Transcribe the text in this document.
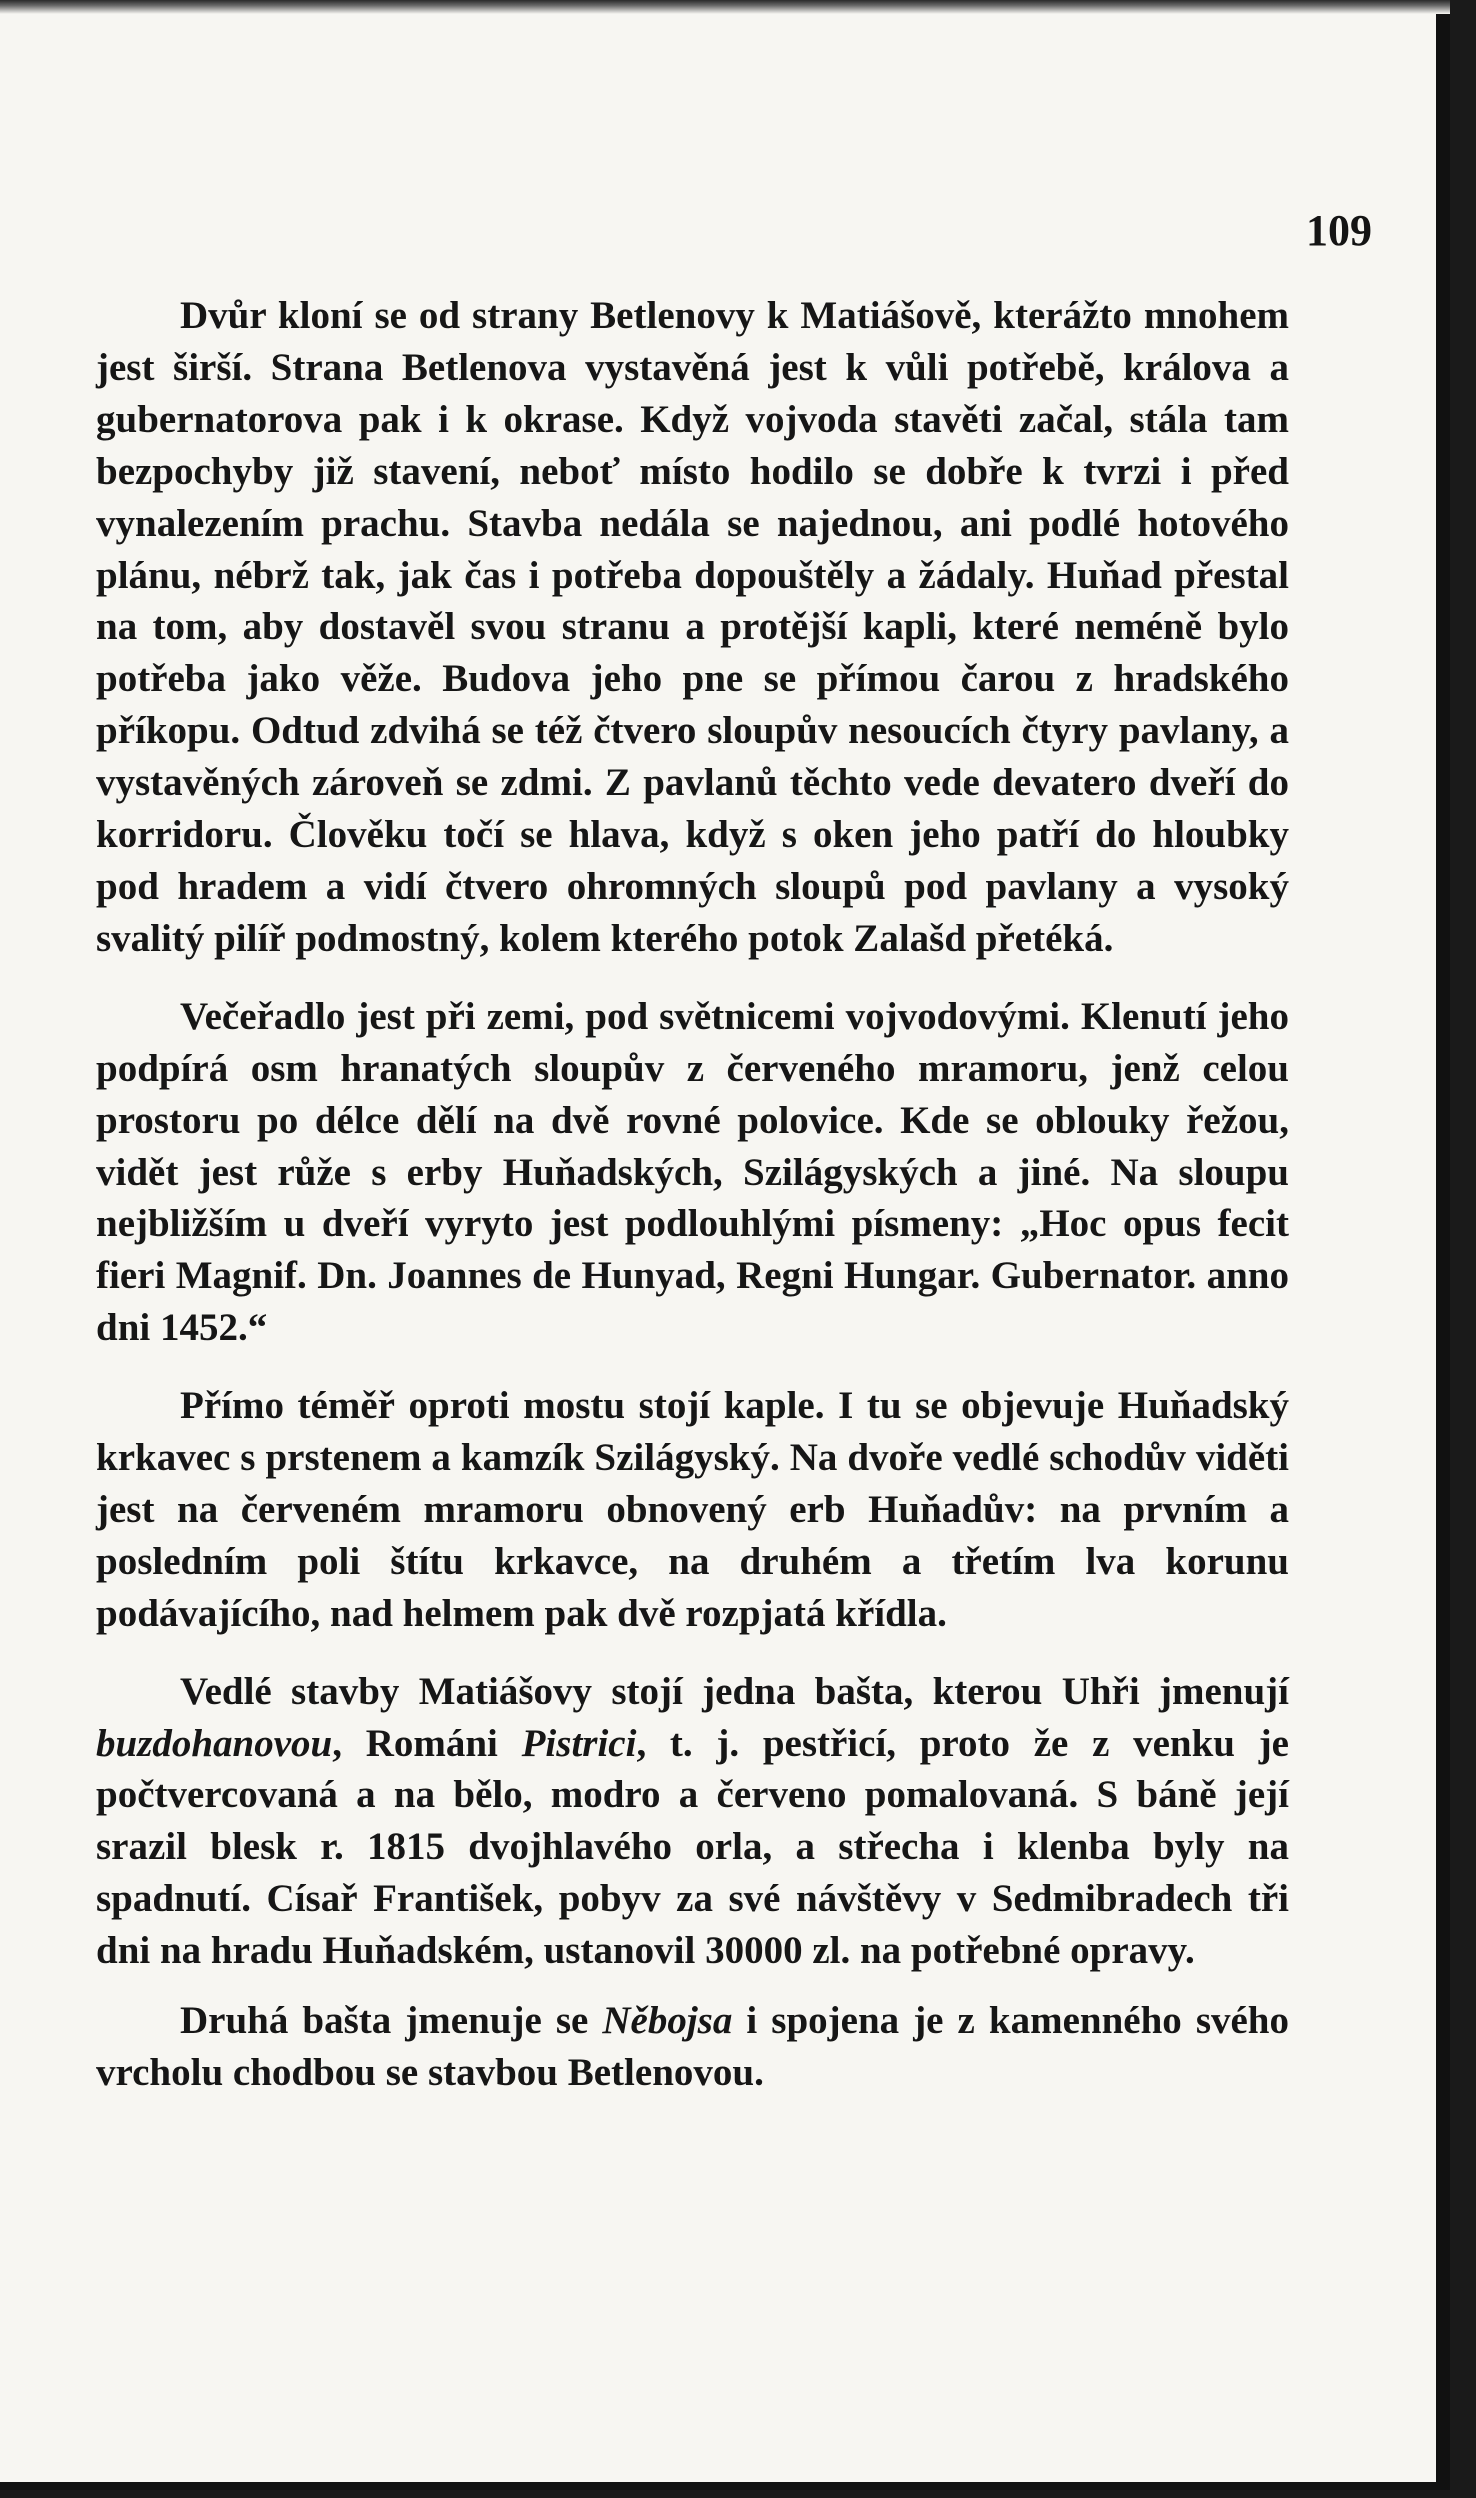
109

Dvůr kloní se od strany Betlenovy k Matiášově, kterážto mnohem jest širší. Strana Betlenova vystavěná jest k vůli potřebě, králova a gubernatorova pak i k okrase. Když vojvoda stavěti začal, stála tam bezpochyby již stavení, neboť místo hodilo se dobře k tvrzi i před vynalezením prachu. Stavba nedála se najednou, ani podlé hotového plánu, nébrž tak, jak čas i potřeba dopouštěly a žádaly. Huňad přestal na tom, aby dostavěl svou stranu a protější kapli, které neméně bylo potřeba jako věže. Budova jeho pne se přímou čarou z hradského příkopu. Odtud zdvihá se též čtvero sloupův nesoucích čtyry pavlany, a vystavěných zároveň se zdmi. Z pavlanů těchto vede devatero dveří do korridoru. Člověku točí se hlava, když s oken jeho patří do hloubky pod hradem a vidí čtvero ohromných sloupů pod pavlany a vysoký svalitý pilíř podmostný, kolem kterého potok Zalašd přetéká.

Večeřadlo jest při zemi, pod světnicemi vojvodovými. Klenutí jeho podpírá osm hranatých sloupův z červeného mramoru, jenž celou prostoru po délce dělí na dvě rovné polovice. Kde se oblouky řežou, vidět jest růže s erby Huňadských, Szilágyských a jiné. Na sloupu nejbližším u dveří vyryto jest podlouhlými písmeny: „Hoc opus fecit fieri Magnif. Dn. Joannes de Hunyad, Regni Hungar. Gubernator. anno dni 1452.“

Přímo téměř oproti mostu stojí kaple. I tu se objevuje Huňadský krkavec s prstenem a kamzík Szilágyský. Na dvoře vedlé schodův viděti jest na červeném mramoru obnovený erb Huňadův: na prvním a posledním poli štítu krkavce, na druhém a třetím lva korunu podávajícího, nad helmem pak dvě rozpjatá křídla.

Vedlé stavby Matiášovy stojí jedna bašta, kterou Uhři jmenují buzdohanovou, Románi Pistrici, t. j. pestřicí, proto že z venku je počtvercovaná a na bělo, modro a červeno pomalovaná. S báně její srazil blesk r. 1815 dvojhlavého orla, a střecha i klenba byly na spadnutí. Císař František, pobyv za své návštěvy v Sedmibradech tři dni na hradu Huňadském, ustanovil 30000 zl. na potřebné opravy.

Druhá bašta jmenuje se Něbojsa i spojena je z kamenného svého vrcholu chodbou se stavbou Betlenovou.
